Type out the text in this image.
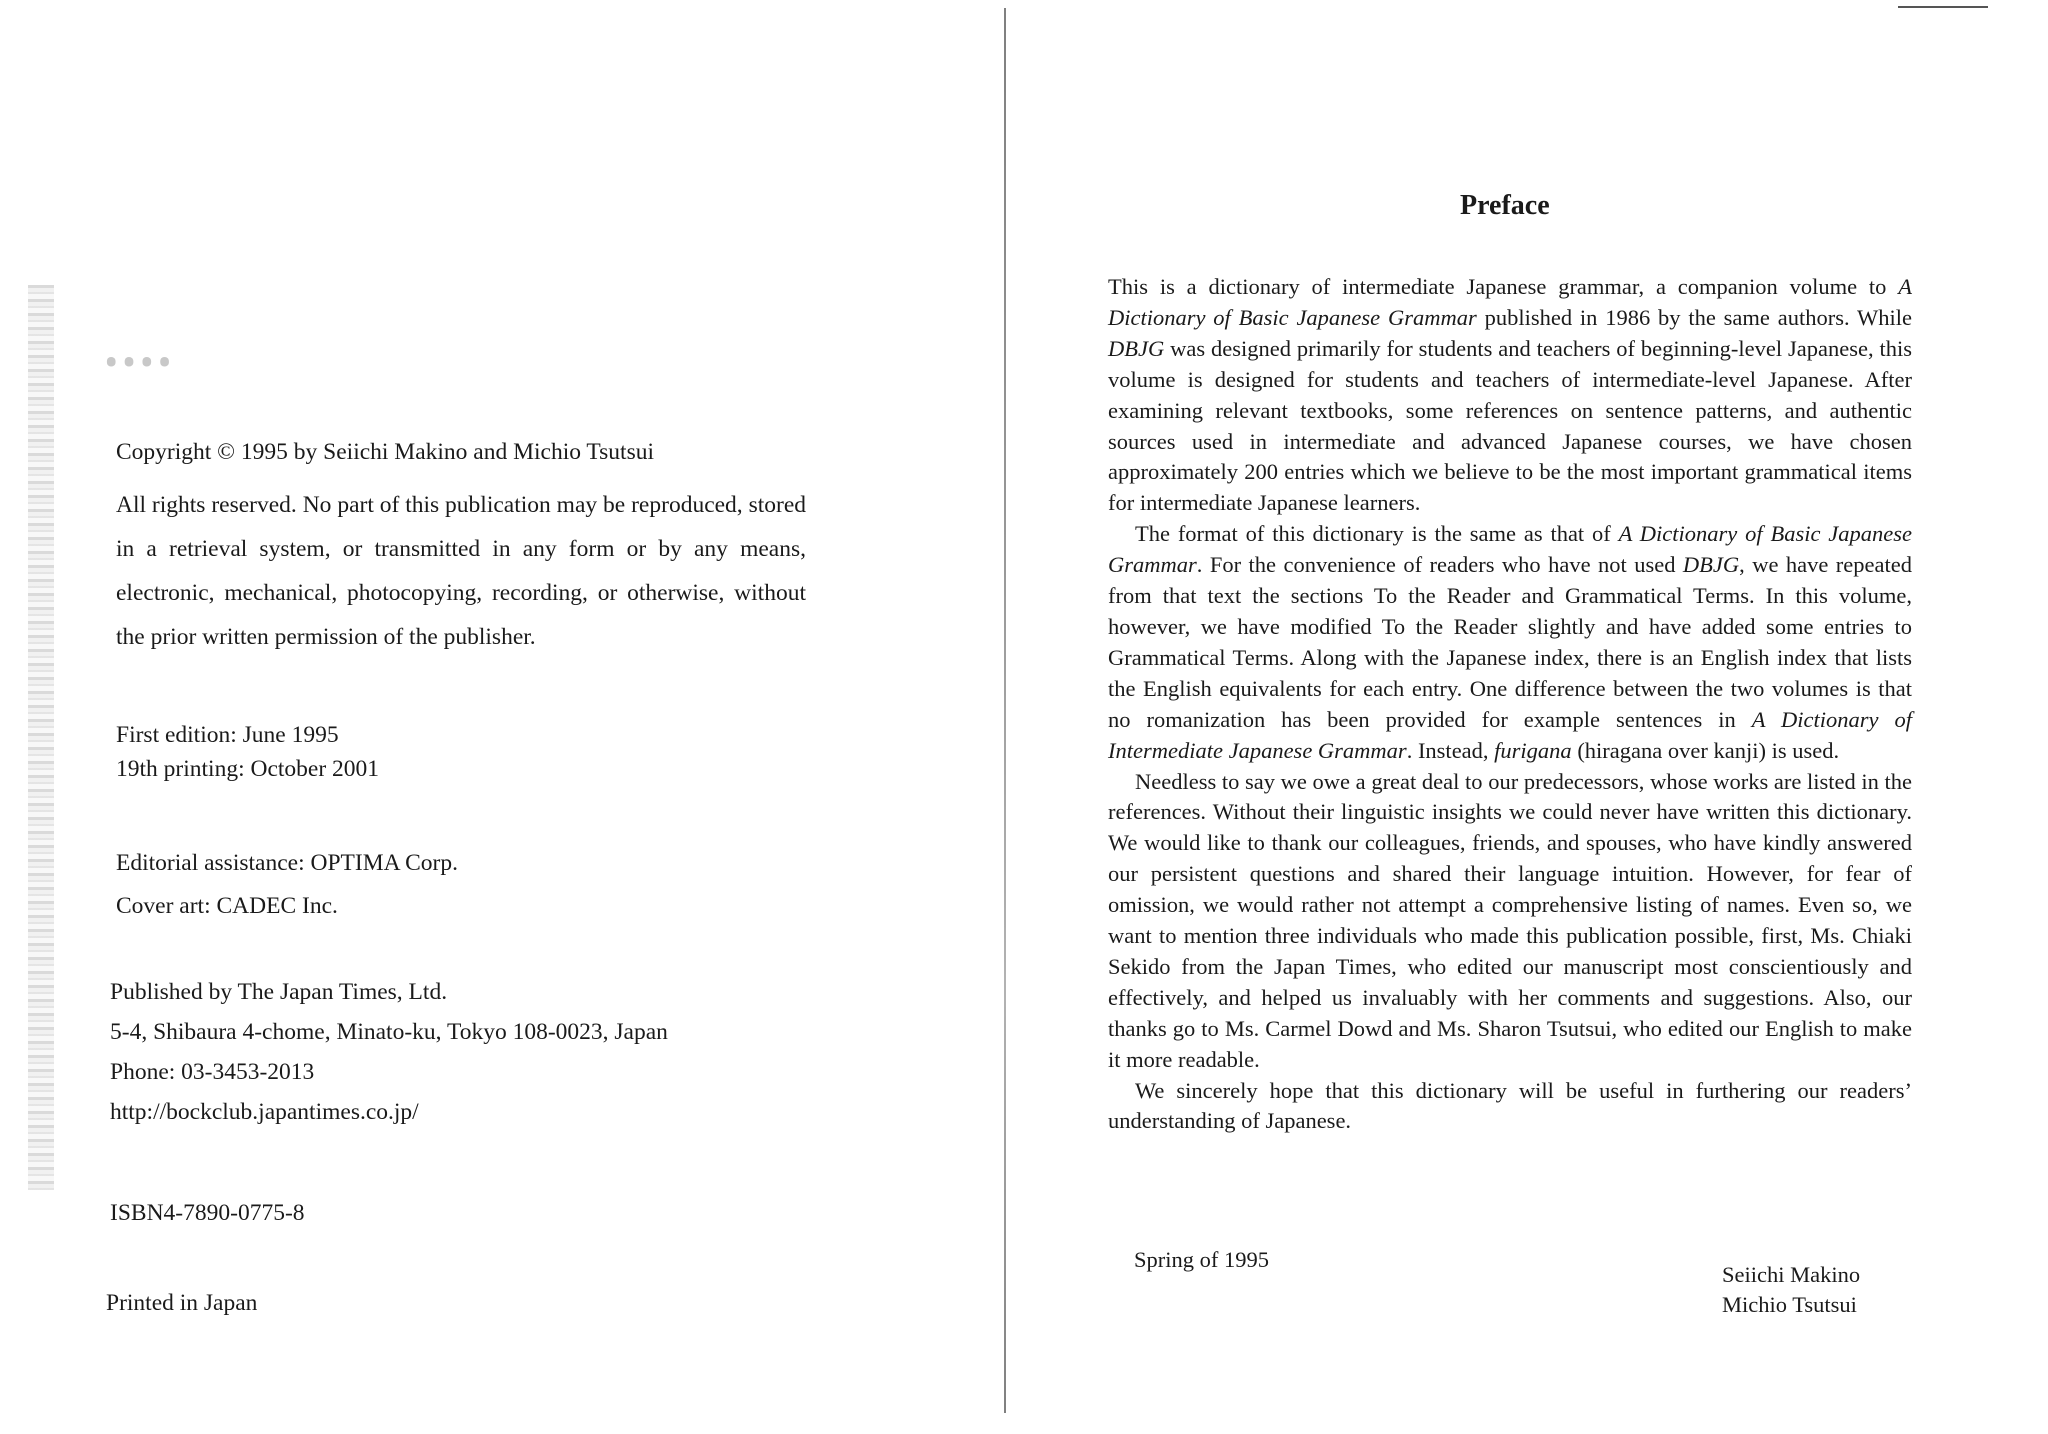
᠁

Copyright © 1995 by Seiichi Makino and Michio Tsutsui

All rights reserved. No part of this publication may be reproduced, stored in a retrieval system, or transmitted in any form or by any means, electronic, mechanical, photocopying, recording, or otherwise, without the prior written permission of the publisher.

First edition: June 1995
19th printing: October 2001
Editorial assistance: OPTIMA Corp.
Cover art: CADEC Inc.
Published by The Japan Times, Ltd.
5-4, Shibaura 4-chome, Minato-ku, Tokyo 108-0023, Japan
Phone: 03-3453-2013
http://bockclub.japantimes.co.jp/
ISBN4-7890-0775-8
Printed in Japan
Preface

This is a dictionary of intermediate Japanese grammar, a companion volume to A Dictionary of Basic Japanese Grammar published in 1986 by the same authors. While DBJG was designed primarily for students and teachers of beginning-level Japanese, this volume is designed for students and teachers of intermediate-level Japanese. After examining relevant textbooks, some references on sentence patterns, and authentic sources used in intermediate and advanced Japanese courses, we have chosen approximately 200 entries which we believe to be the most important grammatical items for intermediate Japanese learners.

The format of this dictionary is the same as that of A Dictionary of Basic Japanese Grammar. For the convenience of readers who have not used DBJG, we have repeated from that text the sections To the Reader and Grammatical Terms. In this volume, however, we have modified To the Reader slightly and have added some entries to Grammatical Terms. Along with the Japanese index, there is an English index that lists the English equivalents for each entry. One difference between the two volumes is that no romanization has been provided for example sentences in A Dictionary of Intermediate Japanese Grammar. Instead, furigana (hiragana over kanji) is used.

Needless to say we owe a great deal to our predecessors, whose works are listed in the references. Without their linguistic insights we could never have written this dictionary. We would like to thank our colleagues, friends, and spouses, who have kindly answered our persistent questions and shared their language intuition. However, for fear of omission, we would rather not attempt a comprehensive listing of names. Even so, we want to mention three individuals who made this publication possible, first, Ms. Chiaki Sekido from the Japan Times, who edited our manuscript most conscientiously and effectively, and helped us invaluably with her comments and suggestions. Also, our thanks go to Ms. Carmel Dowd and Ms. Sharon Tsutsui, who edited our English to make it more readable.

We sincerely hope that this dictionary will be useful in furthering our readers’ understanding of Japanese.

Spring of 1995
Seiichi Makino
Michio Tsutsui
